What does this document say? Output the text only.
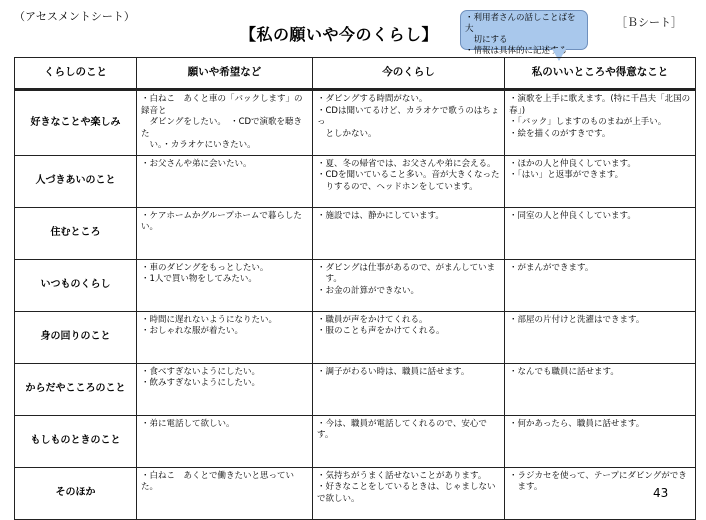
（アセスメントシート）
【私の願いや今のくらし】
［Ｂシート］
・利用者さんの話しことばを大
　切にする
・情報は具体的に記述する
くらしのこと	願いや希望など	今のくらし	私のいいところや得意なこと
好きなことや楽しみ	・白ねこ　あくと車の「バックします」の録音と
　ダビングをしたい。　・CDで演歌を聴きた
　い。・カラオケにいきたい。	・ダビングする時間がない。
・CDは聞いてるけど、カラオケで歌うのはちょっ
　としかない。	・演歌を上手に歌えます。(特に千昌夫「北国の春」)
・「バック」しますのものまねが上手い。
・絵を描くのがすきです。

人づきあいのこと	・お父さんや弟に会いたい。	・夏、冬の帰省では、お父さんや弟に会える。
・CDを聞いていること多い。音が大きくなった
　りするので、ヘッドホンをしています。	・ほかの人と仲良くしています。
・「はい」と返事ができます。

住むところ	・ケアホームかグループホームで暮らしたい。	・施設では、静かにしています。	・同室の人と仲良くしています。

いつものくらし	・車のダビングをもっとしたい。
・1人で買い物をしてみたい。	・ダビングは仕事があるので、がまんしていま
　す。
・お金の計算ができない。	・がまんができます。

身の回りのこと	・時間に遅れないようになりたい。
・おしゃれな服が着たい。	・職員が声をかけてくれる。
・服のことも声をかけてくれる。	・部屋の片付けと洗濯はできます。

からだやこころのこと	・食べすぎないようにしたい。
・飲みすぎないようにしたい。	・調子がわるい時は、職員に話せます。	・なんでも職員に話せます。

もしものときのこと	・弟に電話して欲しい。	・今は、職員が電話してくれるので、安心です。	・何かあったら、職員に話せます。

そのほか	・白ねこ　あくとで働きたいと思っていた。	・気持ちがうまく話せないことがあります。
・好きなことをしているときは、じゃましないで欲しい。	・ラジカセを使って、テープにダビングができ
　ます。	43
